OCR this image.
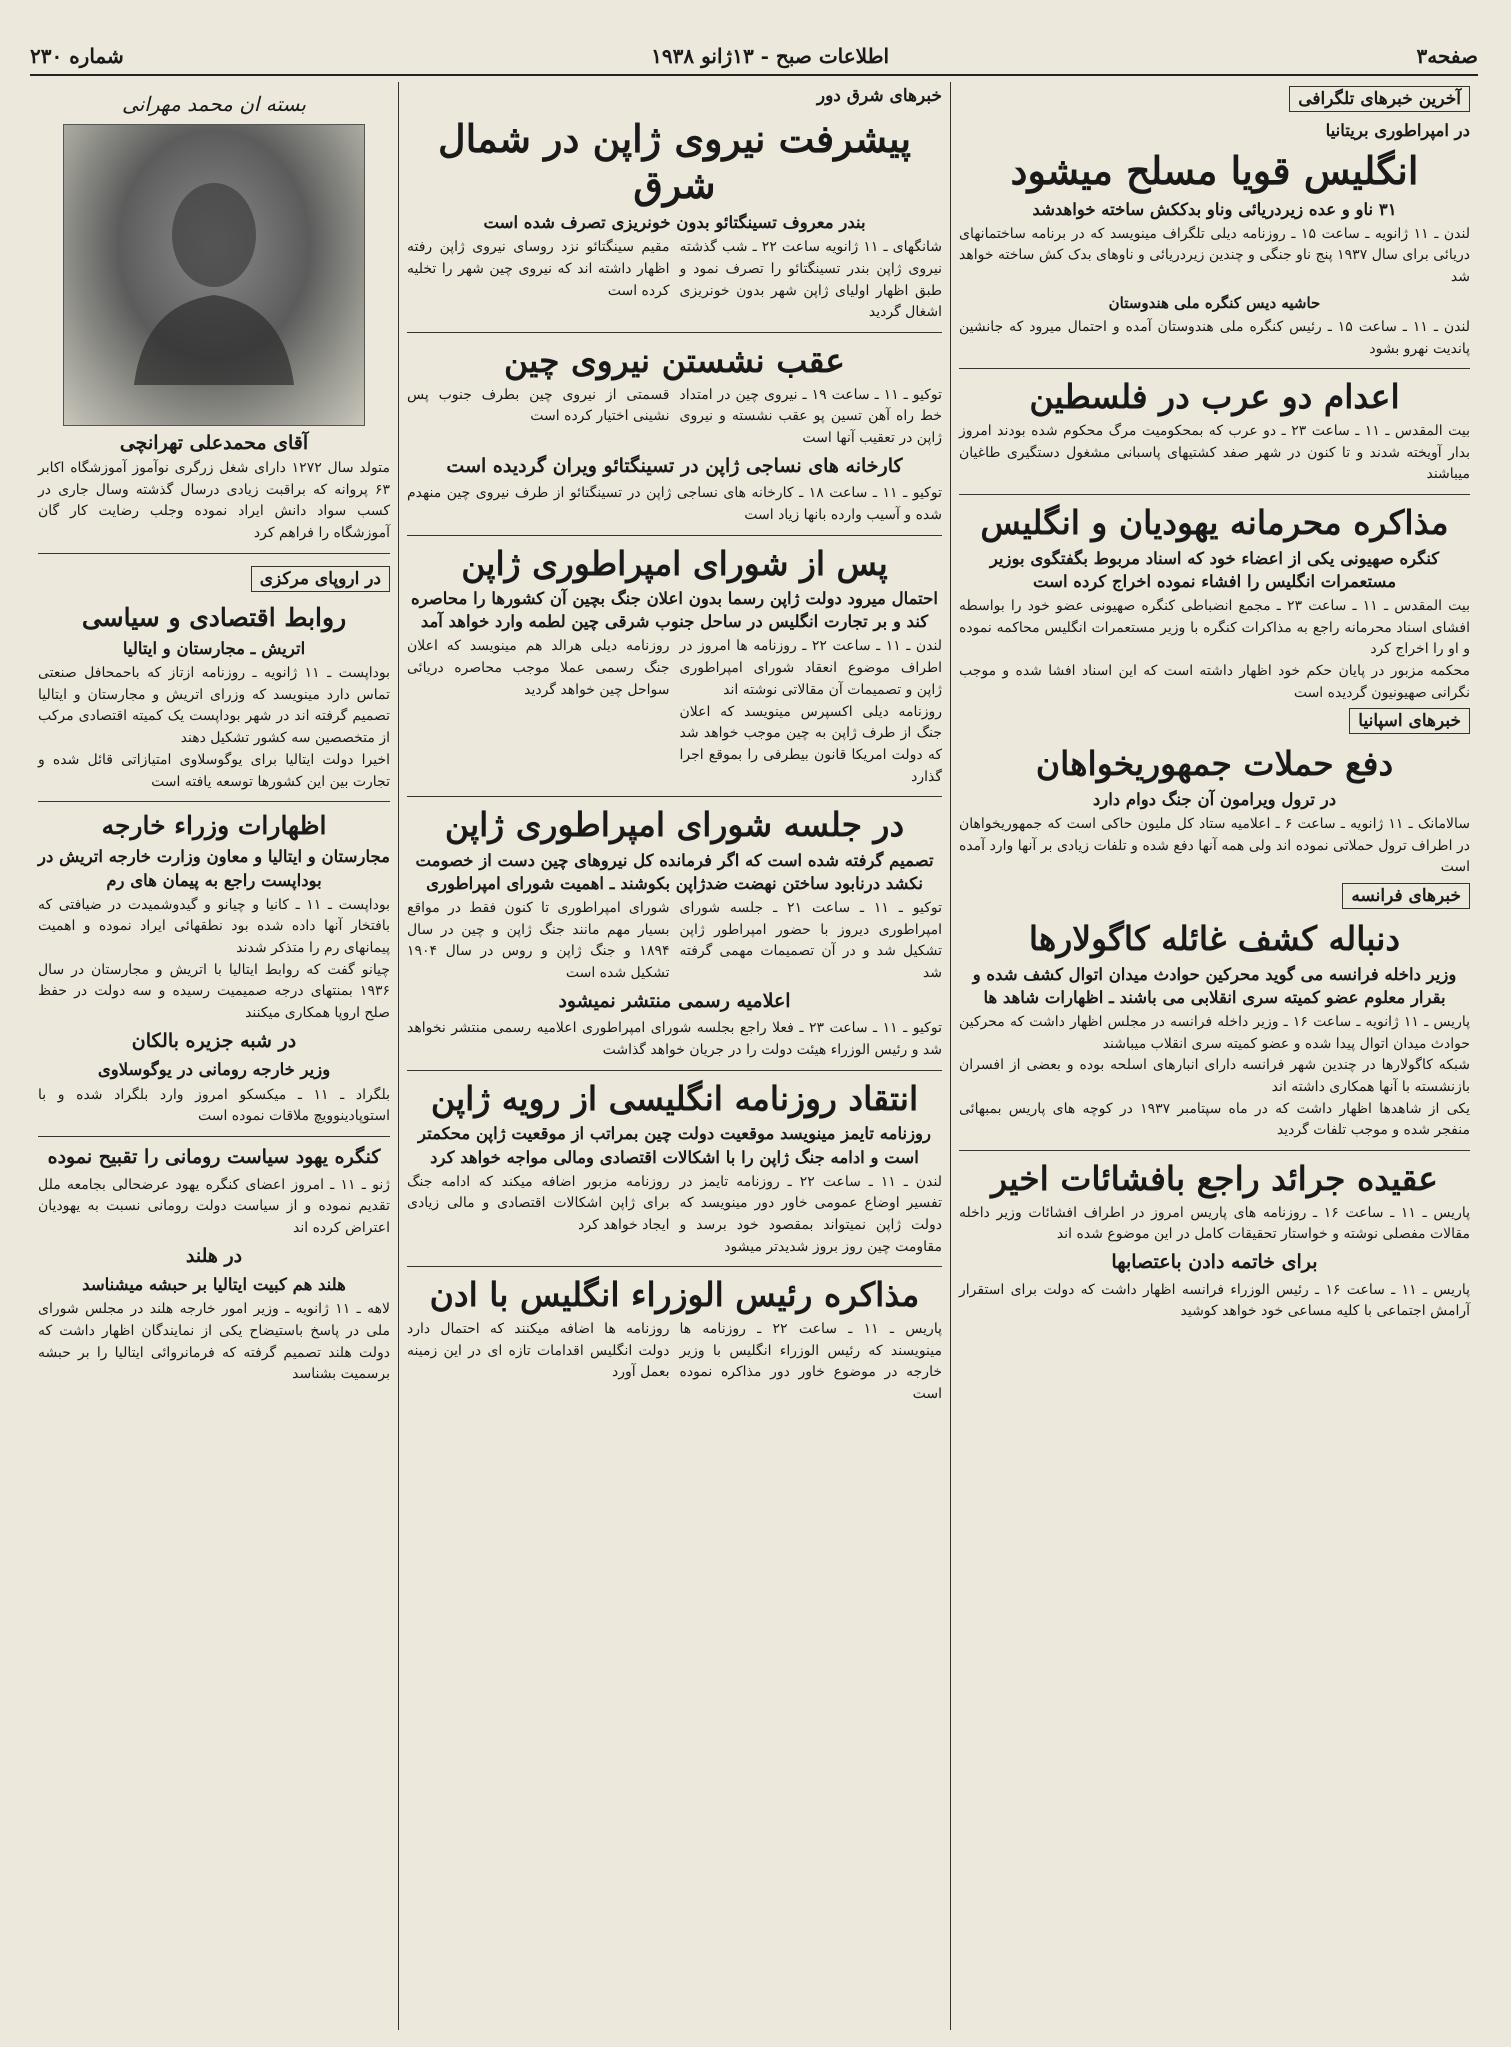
صفحه۳
اطلاعات صبح - ۱۳ژانو ۱۹۳۸
شماره ۲۳۰
آخرین خبرهای تلگرافی
در امپراطوری بریتانیا
انگلیس قویا مسلح میشود
۳۱ ناو و عده زیردریائی وناو بدککش ساخته خواهدشد

لندن ـ ۱۱ ژانویه ـ ساعت ۱۵ ـ روزنامه دیلی تلگراف مینویسد که در برنامه ساختمانهای دریائی برای سال ۱۹۳۷ پنج ناو جنگی و چندین زیردریائی و ناوهای بدک کش ساخته خواهد شد

حاشیه دیس کنگره ملی هندوستان

لندن ـ ۱۱ ـ ساعت ۱۵ ـ رئیس کنگره ملی هندوستان آمده و احتمال میرود که جانشین پاندیت نهرو بشود

اعدام دو عرب در فلسطین

بیت المقدس ـ ۱۱ ـ ساعت ۲۳ ـ دو عرب که بمحکومیت مرگ محکوم شده بودند امروز بدار آویخته شدند و تا کنون در شهر صفد کشتیهای پاسبانی مشغول دستگیری طاغیان میباشند

مذاکره محرمانه یهودیان و انگلیس
کنگره صهیونی یکی از اعضاء خود که اسناد مربوط بگفتگوی بوزیر مستعمرات انگلیس را افشاء نموده اخراج کرده است

بیت المقدس ـ ۱۱ ـ ساعت ۲۳ ـ مجمع انضباطی کنگره صهیونی عضو خود را بواسطه افشای اسناد محرمانه راجع به مذاکرات کنگره با وزیر مستعمرات انگلیس محاکمه نموده و او را اخراج کرد

محکمه مزبور در پایان حکم خود اظهار داشته است که این اسناد افشا شده و موجب نگرانی صهیونیون گردیده است

خبرهای اسپانیا
دفع حملات جمهوریخواهان
در ترول ویرامون آن جنگ دوام دارد

سالامانک ـ ۱۱ ژانویه ـ ساعت ۶ ـ اعلامیه ستاد کل ملیون حاکی است که جمهوریخواهان در اطراف ترول حملاتی نموده اند ولی همه آنها دفع شده و تلفات زیادی بر آنها وارد آمده است

خبرهای فرانسه
دنباله کشف غائله کاگولارها
وزیر داخله فرانسه می گوید محرکین حوادث میدان اتوال کشف شده و بقرار معلوم عضو کمیته سری انقلابی می باشند ـ اظهارات شاهد ها

پاریس ـ ۱۱ ژانویه ـ ساعت ۱۶ ـ وزیر داخله فرانسه در مجلس اظهار داشت که محرکین حوادث میدان اتوال پیدا شده و عضو کمیته سری انقلاب میباشند

شبکه کاگولارها در چندین شهر فرانسه دارای انبارهای اسلحه بوده و بعضی از افسران بازنشسته با آنها همکاری داشته اند

یکی از شاهدها اظهار داشت که در ماه سپتامبر ۱۹۳۷ در کوچه های پاریس بمبهائی منفجر شده و موجب تلفات گردید

عقیده جرائد راجع بافشائات اخیر

پاریس ـ ۱۱ ـ ساعت ۱۶ ـ روزنامه های پاریس امروز در اطراف افشائات وزیر داخله مقالات مفصلی نوشته و خواستار تحقیقات کامل در این موضوع شده اند

برای خاتمه دادن باعتصابها

پاریس ـ ۱۱ ـ ساعت ۱۶ ـ رئیس الوزراء فرانسه اظهار داشت که دولت برای استقرار آرامش اجتماعی با کلیه مساعی خود خواهد کوشید

خبرهای شرق دور
پیشرفت نیروی ژاپن در شمال شرق
بندر معروف تسینگتائو بدون خونریزی تصرف شده است

شانگهای ـ ۱۱ ژانویه ساعت ۲۲ ـ شب گذشته نیروی ژاپن بندر تسینگتائو را تصرف نمود و طبق اظهار اولیای ژاپن شهر بدون خونریزی اشغال گردید

مقیم سینگتائو نزد روسای نیروی ژاپن رفته اظهار داشته اند که نیروی چین شهر را تخلیه کرده است

عقب نشستن نیروی چین

توکیو ـ ۱۱ ـ ساعت ۱۹ ـ نیروی چین در امتداد خط راه آهن تسین پو عقب نشسته و نیروی ژاپن در تعقیب آنها است

قسمتی از نیروی چین بطرف جنوب پس نشینی اختیار کرده است

کارخانه های نساجی ژاپن در تسینگتائو ویران گردیده است

توکیو ـ ۱۱ ـ ساعت ۱۸ ـ کارخانه های نساجی ژاپن در تسینگتائو از طرف نیروی چین منهدم شده و آسیب وارده بانها زیاد است

پس از شورای امپراطوری ژاپن
احتمال میرود دولت ژاپن رسما بدون اعلان جنگ بچین آن کشورها را محاصره کند و بر تجارت انگلیس در ساحل جنوب شرقی چین لطمه وارد خواهد آمد

لندن ـ ۱۱ ـ ساعت ۲۲ ـ روزنامه ها امروز در اطراف موضوع انعقاد شورای امپراطوری ژاپن و تصمیمات آن مقالاتی نوشته اند

روزنامه دیلی اکسپرس مینویسد که اعلان جنگ از طرف ژاپن به چین موجب خواهد شد که دولت امریکا قانون بیطرفی را بموقع اجرا گذارد

روزنامه دیلی هرالد هم مینویسد که اعلان جنگ رسمی عملا موجب محاصره دریائی سواحل چین خواهد گردید

در جلسه شورای امپراطوری ژاپن
تصمیم گرفته شده است که اگر فرمانده کل نیروهای چین دست از خصومت نکشد درنابود ساختن نهضت ضدژاپن بکوشند ـ اهمیت شورای امپراطوری

توکیو ـ ۱۱ ـ ساعت ۲۱ ـ جلسه شورای امپراطوری دیروز با حضور امپراطور ژاپن تشکیل شد و در آن تصمیمات مهمی گرفته شد

شورای امپراطوری تا کنون فقط در مواقع بسیار مهم مانند جنگ ژاپن و چین در سال ۱۸۹۴ و جنگ ژاپن و روس در سال ۱۹۰۴ تشکیل شده است

اعلامیه رسمی منتشر نمیشود

توکیو ـ ۱۱ ـ ساعت ۲۳ ـ فعلا راجع بجلسه شورای امپراطوری اعلامیه رسمی منتشر نخواهد شد و رئیس الوزراء هیئت دولت را در جریان خواهد گذاشت

انتقاد روزنامه انگلیسی از رویه ژاپن
روزنامه تایمز مینویسد موقعیت دولت چین بمراتب از موقعیت ژاپن محکمتر است و ادامه جنگ ژاپن را با اشکالات اقتصادی ومالی مواجه خواهد کرد

لندن ـ ۱۱ ـ ساعت ۲۲ ـ روزنامه تایمز در تفسیر اوضاع عمومی خاور دور مینویسد که دولت ژاپن نمیتواند بمقصود خود برسد و مقاومت چین روز بروز شدیدتر میشود

روزنامه مزبور اضافه میکند که ادامه جنگ برای ژاپن اشکالات اقتصادی و مالی زیادی ایجاد خواهد کرد

مذاکره رئیس الوزراء انگلیس با ادن

پاریس ـ ۱۱ ـ ساعت ۲۲ ـ روزنامه ها مینویسند که رئیس الوزراء انگلیس با وزیر خارجه در موضوع خاور دور مذاکره نموده است

روزنامه ها اضافه میکنند که احتمال دارد دولت انگلیس اقدامات تازه ای در این زمینه بعمل آورد

بسته ان محمد مهرانی
آقای محمدعلی تهرانچی

متولد سال ۱۲۷۲ دارای شغل زرگری نوآموز آموزشگاه اکابر ۶۳ پروانه که براقبت زیادی درسال گذشته وسال جاری در کسب سواد دانش ایراد نموده وجلب رضایت کار گان آموزشگاه را فراهم کرد

در اروپای مرکزی
روابط اقتصادی و سیاسی
اتریش ـ مجارستان و ایتالیا

بوداپست ـ ۱۱ ژانویه ـ روزنامه ازتاز که باحمحافل صنعتی تماس دارد مینویسد که وزرای اتریش و مجارستان و ایتالیا تصمیم گرفته اند در شهر بوداپست یک کمیته اقتصادی مرکب از متخصصین سه کشور تشکیل دهند

اخیرا دولت ایتالیا برای یوگوسلاوی امتیازاتی قائل شده و تجارت بین این کشورها توسعه یافته است

اظهارات وزراء خارجه
مجارستان و ایتالیا و معاون وزارت خارجه اتریش در بوداپست راجع به پیمان های رم

بوداپست ـ ۱۱ ـ کانیا و چیانو و گیدوشمیدت در ضیافتی که بافتخار آنها داده شده بود نطقهائی ایراد نموده و اهمیت پیمانهای رم را متذکر شدند

چیانو گفت که روابط ایتالیا با اتریش و مجارستان در سال ۱۹۳۶ بمنتهای درجه صمیمیت رسیده و سه دولت در حفظ صلح اروپا همکاری میکنند

در شبه جزیره بالکان
وزیر خارجه رومانی در یوگوسلاوی

بلگراد ـ ۱۱ ـ میکسکو امروز وارد بلگراد شده و با استوپادینوویچ ملاقات نموده است

کنگره یهود سیاست رومانی را تقبیح نموده

ژنو ـ ۱۱ ـ امروز اعضای کنگره یهود عرضحالی بجامعه ملل تقدیم نموده و از سیاست دولت رومانی نسبت به یهودیان اعتراض کرده اند

در هلند
هلند هم کبیت ایتالیا بر حبشه میشناسد

لاهه ـ ۱۱ ژانویه ـ وزیر امور خارجه هلند در مجلس شورای ملی در پاسخ باستیضاح یکی از نمایندگان اظهار داشت که دولت هلند تصمیم گرفته که فرمانروائی ایتالیا را بر حبشه برسمیت بشناسد
